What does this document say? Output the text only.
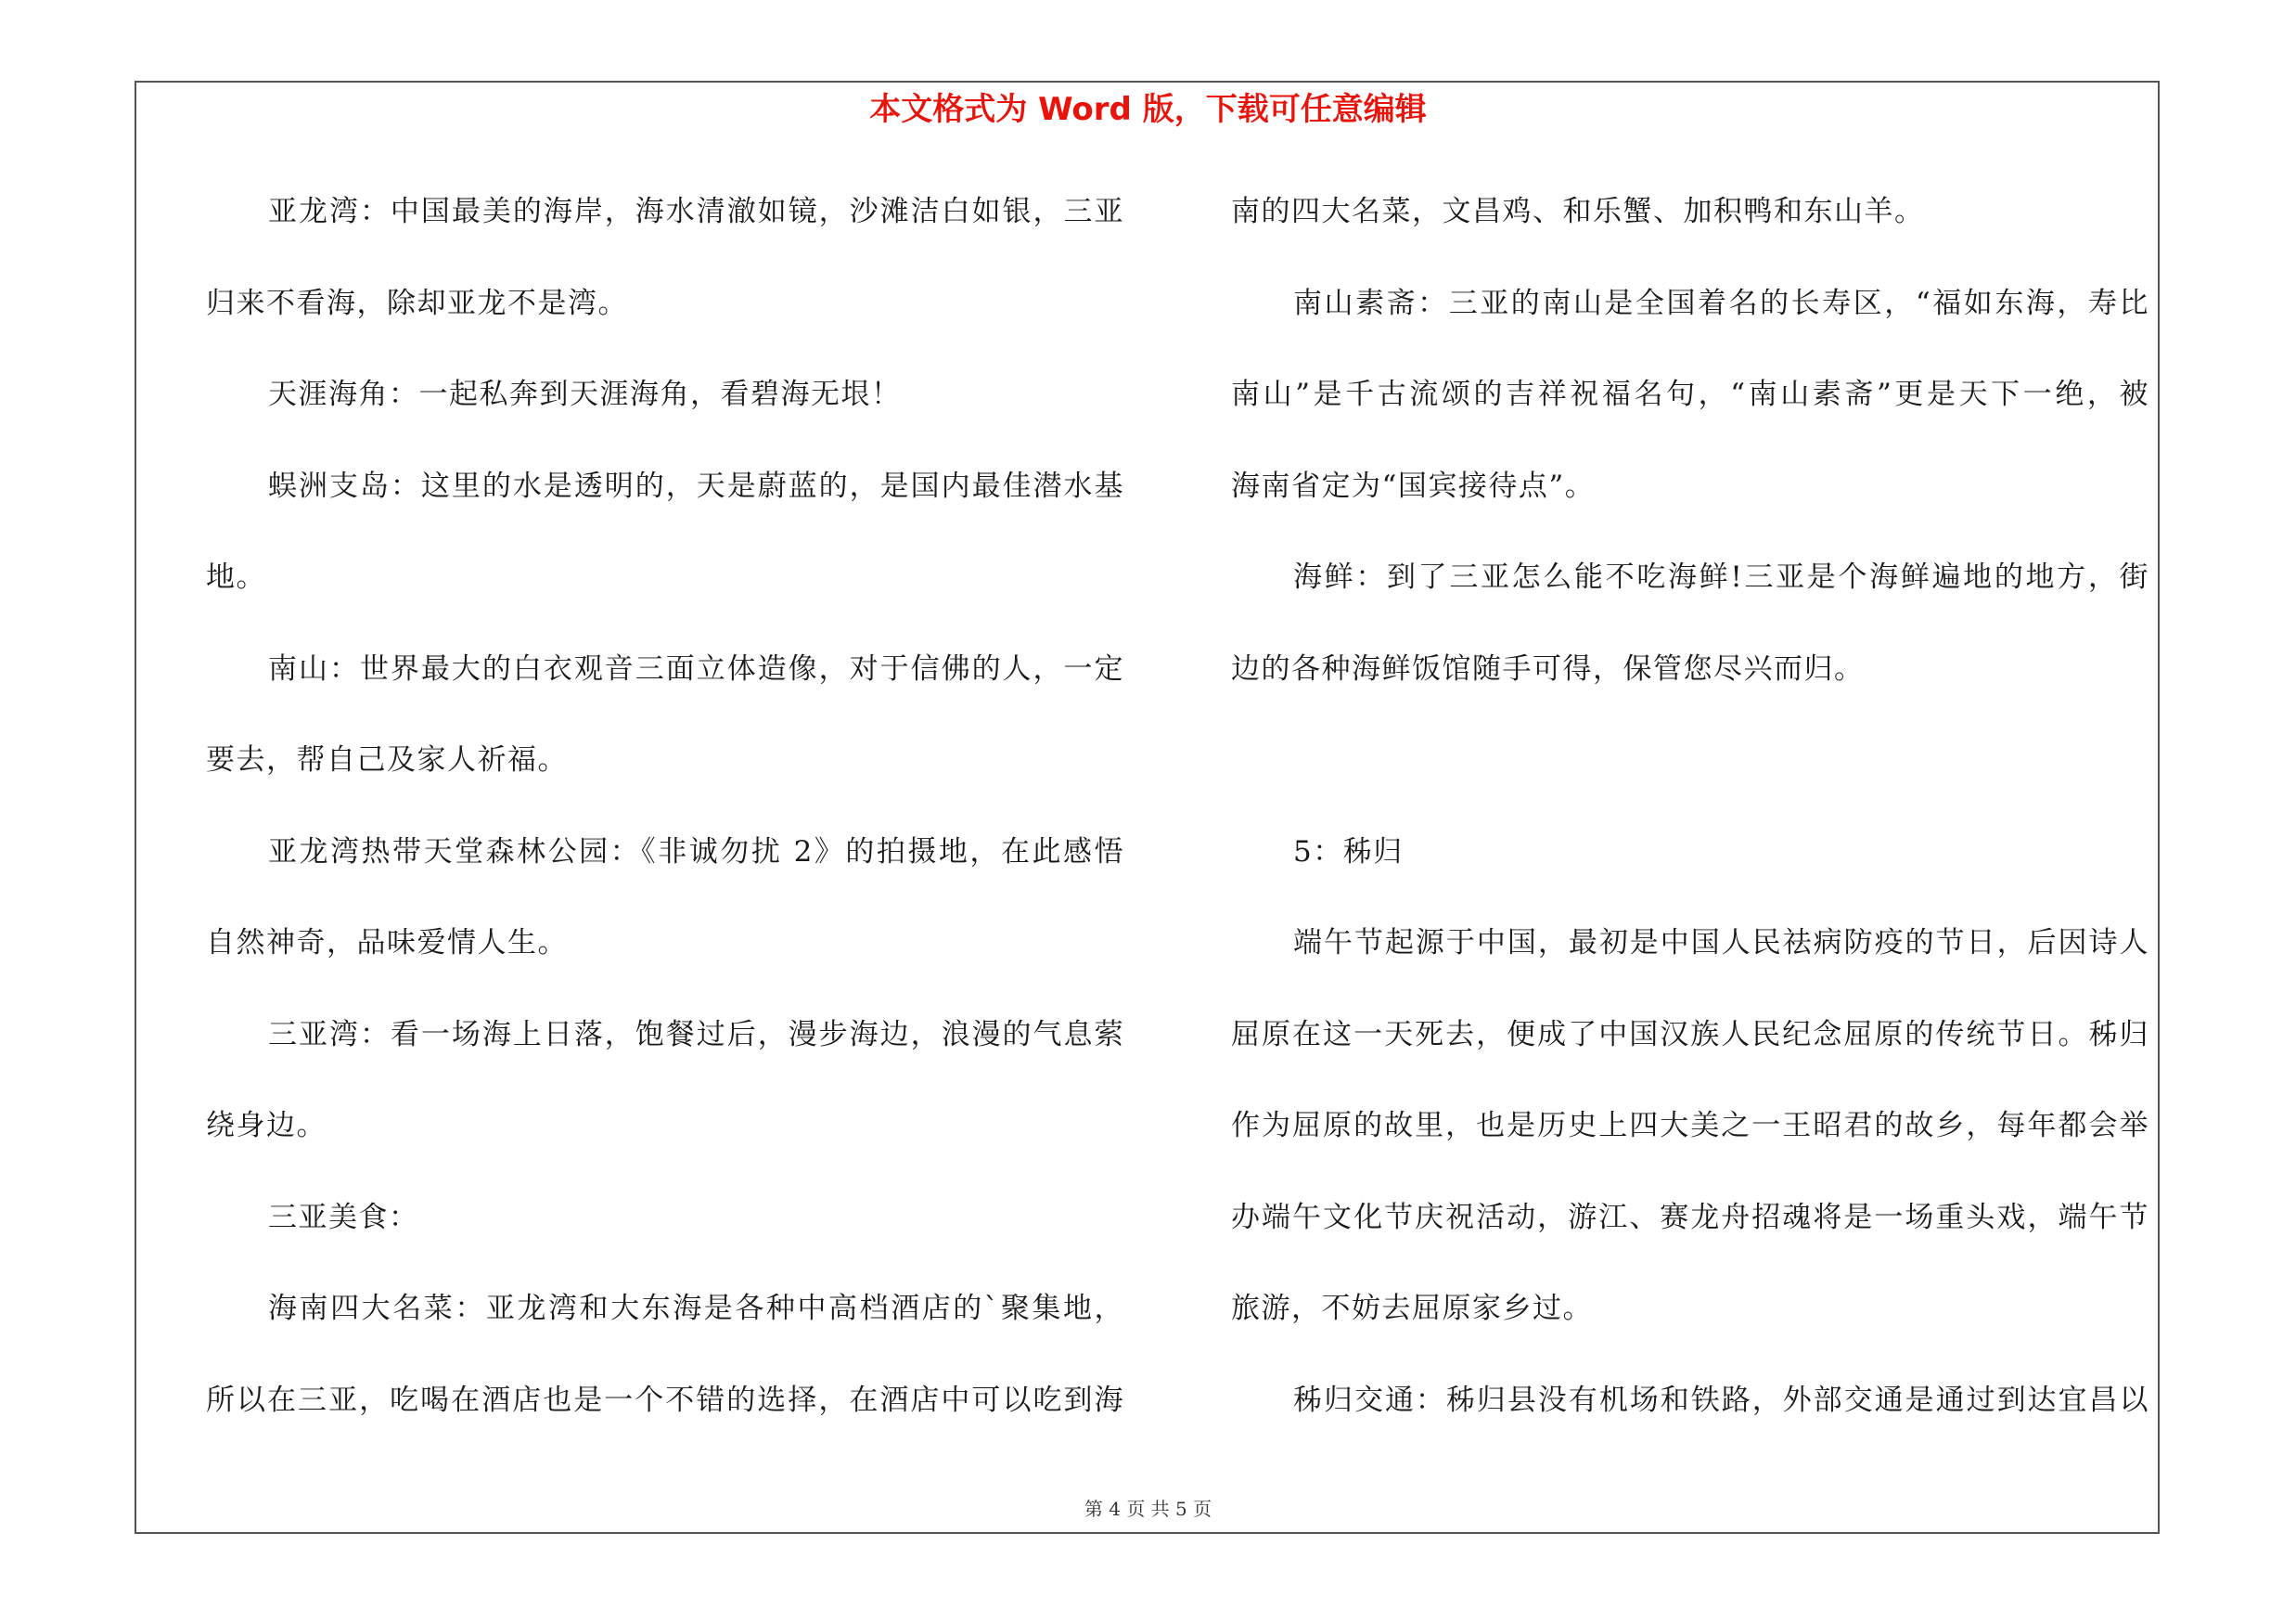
本文格式为 Word 版，下载可任意编辑
亚龙湾：中国最美的海岸，海水清澈如镜，沙滩洁白如银，三亚
归来不看海，除却亚龙不是湾。
天涯海角：一起私奔到天涯海角，看碧海无垠！
蜈洲支岛：这里的水是透明的，天是蔚蓝的，是国内最佳潜水基
地。
南山：世界最大的白衣观音三面立体造像，对于信佛的人，一定
要去，帮自己及家人祈福。
亚龙湾热带天堂森林公园：《非诚勿扰 2》的拍摄地，在此感悟
自然神奇，品味爱情人生。
三亚湾：看一场海上日落，饱餐过后，漫步海边，浪漫的气息萦
绕身边。
三亚美食：
海南四大名菜：亚龙湾和大东海是各种中高档酒店的`聚集地，
所以在三亚，吃喝在酒店也是一个不错的选择，在酒店中可以吃到海
南的四大名菜，文昌鸡、和乐蟹、加积鸭和东山羊。
南山素斋：三亚的南山是全国着名的长寿区，“福如东海，寿比
南山”是千古流颂的吉祥祝福名句，“南山素斋”更是天下一绝，被
海南省定为“国宾接待点”。
海鲜：到了三亚怎么能不吃海鲜!三亚是个海鲜遍地的地方，街
边的各种海鲜饭馆随手可得，保管您尽兴而归。
5：秭归
端午节起源于中国，最初是中国人民祛病防疫的节日，后因诗人
屈原在这一天死去，便成了中国汉族人民纪念屈原的传统节日。秭归
作为屈原的故里，也是历史上四大美之一王昭君的故乡，每年都会举
办端午文化节庆祝活动，游江、赛龙舟招魂将是一场重头戏，端午节
旅游，不妨去屈原家乡过。
秭归交通：秭归县没有机场和铁路，外部交通是通过到达宜昌以
第 4 页 共 5 页
